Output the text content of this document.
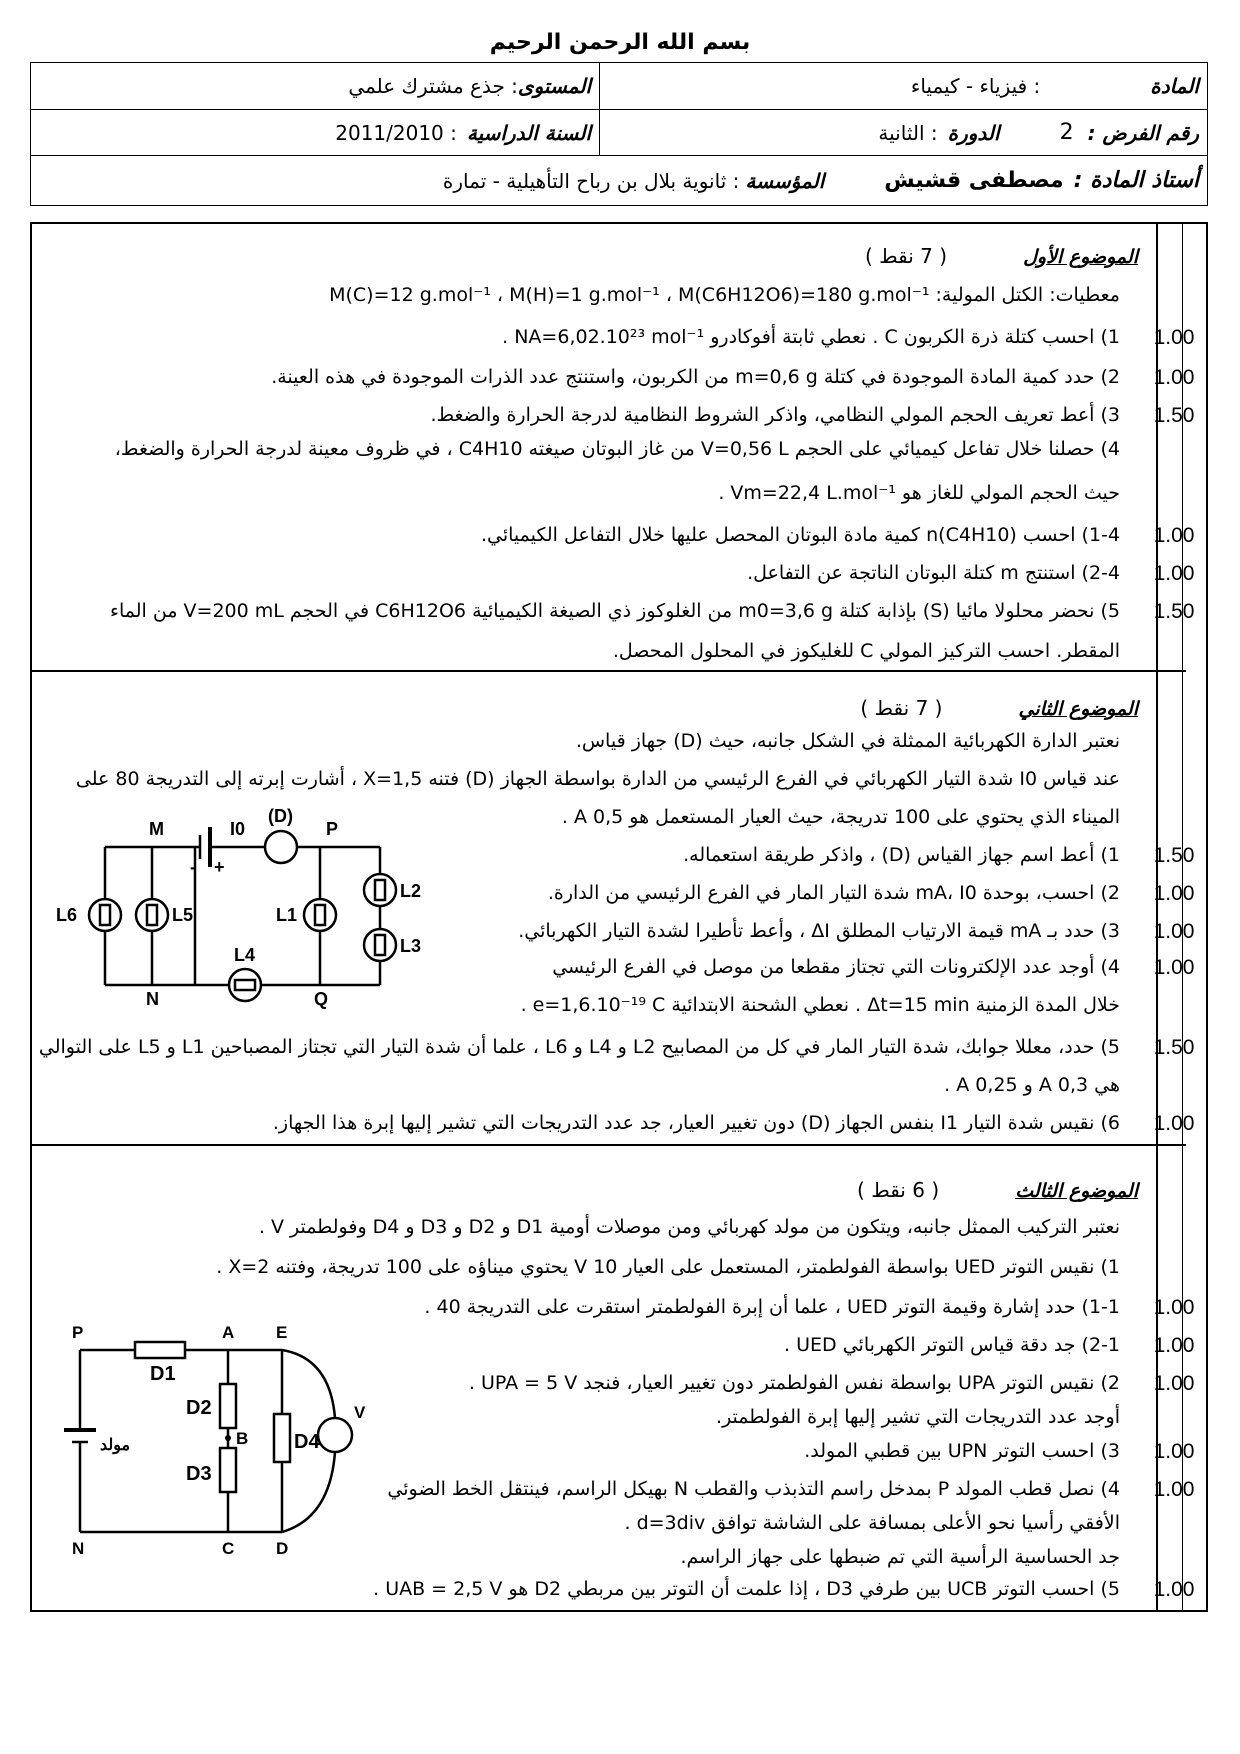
بسم الله الرحمن الرحيم
المادة
: فيزياء - كيمياء
المستوى
: جذع مشترك علمي
رقم الفرض :
2
الدورة
: الثانية
السنة الدراسية
: 2011/2010
أستاذ المادة :
مصطفى قشيش
المؤسسة
: ثانوية بلال بن رباح التأهيلية - تمارة
الموضوع الأول ( 7 نقط )
معطيات: الكتل المولية: M(C)=12 g.mol⁻¹ ، M(H)=1 g.mol⁻¹ ، M(C6H12O6)=180 g.mol⁻¹
1) احسب كتلة ذرة الكربون C . نعطي ثابتة أفوكادرو NA=6,02.10²³ mol⁻¹ . 1.00
2) حدد كمية المادة الموجودة في كتلة m=0,6 g من الكربون، واستنتج عدد الذرات الموجودة في هذه العينة. 1.00
3) أعط تعريف الحجم المولي النظامي، واذكر الشروط النظامية لدرجة الحرارة والضغط. 1.50
4) حصلنا خلال تفاعل كيميائي على الحجم V=0,56 L من غاز البوتان صيغته C4H10 ، في ظروف معينة لدرجة الحرارة والضغط،
حيث الحجم المولي للغاز هو Vm=22,4 L.mol⁻¹ .
1-4) احسب n(C4H10) كمية مادة البوتان المحصل عليها خلال التفاعل الكيميائي. 1.00
2-4) استنتج m كتلة البوتان الناتجة عن التفاعل. 1.00
5) نحضر محلولا مائيا (S) بإذابة كتلة m0=3,6 g من الغلوكوز ذي الصيغة الكيميائية C6H12O6 في الحجم V=200 mL من الماء 1.50
المقطر. احسب التركيز المولي C للغليكوز في المحلول المحصل.
الموضوع الثاني ( 7 نقط )
نعتبر الدارة الكهربائية الممثلة في الشكل جانبه، حيث (D) جهاز قياس.
عند قياس I0 شدة التيار الكهربائي في الفرع الرئيسي من الدارة بواسطة الجهاز (D) فتنه X=1,5 ، أشارت إبرته إلى التدريجة 80 على
الميناء الذي يحتوي على 100 تدريجة، حيث العيار المستعمل هو 0,5 A .
1) أعط اسم جهاز القياس (D) ، واذكر طريقة استعماله. 1.50
2) احسب، بوحدة mA، I0 شدة التيار المار في الفرع الرئيسي من الدارة. 1.00
3) حدد بـ mA قيمة الارتياب المطلق ΔI ، وأعط تأطيرا لشدة التيار الكهربائي. 1.00
4) أوجد عدد الإلكترونات التي تجتاز مقطعا من موصل في الفرع الرئيسي 1.00
خلال المدة الزمنية Δt=15 min . نعطي الشحنة الابتدائية e=1,6.10⁻¹⁹ C .
5) حدد، معللا جوابك، شدة التيار المار في كل من المصابيح L2 و L4 و L6 ، علما أن شدة التيار التي تجتاز المصباحين L1 و L5 على التوالي 1.50
هي 0,3 A و 0,25 A .
6) نقيس شدة التيار I1 بنفس الجهاز (D) دون تغيير العيار، جد عدد التدريجات التي تشير إليها إبرة هذا الجهاز. 1.00
(D)
I0
M	P
N	Q
- +
L6	L5	L1
L2
L3
L4
الموضوع الثالث ( 6 نقط )
نعتبر التركيب الممثل جانبه، ويتكون من مولد كهربائي ومن موصلات أومية D1 و D2 و D3 و D4 وفولطمتر V .
1) نقيس التوتر UED بواسطة الفولطمتر، المستعمل على العيار 10 V يحتوي ميناؤه على 100 تدريجة، وفتنه X=2 .
1-1) حدد إشارة وقيمة التوتر UED ، علما أن إبرة الفولطمتر استقرت على التدريجة 40 . 1.00
2-1) جد دقة قياس التوتر الكهربائي UED . 1.00
2) نقيس التوتر UPA بواسطة نفس الفولطمتر دون تغيير العيار، فنجد UPA = 5 V . 1.00
أوجد عدد التدريجات التي تشير إليها إبرة الفولطمتر.
3) احسب التوتر UPN بين قطبي المولد. 1.00
4) نصل قطب المولد P بمدخل راسم التذبذب والقطب N بهيكل الراسم، فينتقل الخط الضوئي 1.00
الأفقي رأسيا نحو الأعلى بمسافة على الشاشة توافق d=3div .
جد الحساسية الرأسية التي تم ضبطها على جهاز الراسم.
5) احسب التوتر UCB بين طرفي D3 ، إذا علمت أن التوتر بين مربطي D2 هو UAB = 2,5 V . 1.00
P	A E
B
N	C D
D1
D2
D3
D4
V
مولد
